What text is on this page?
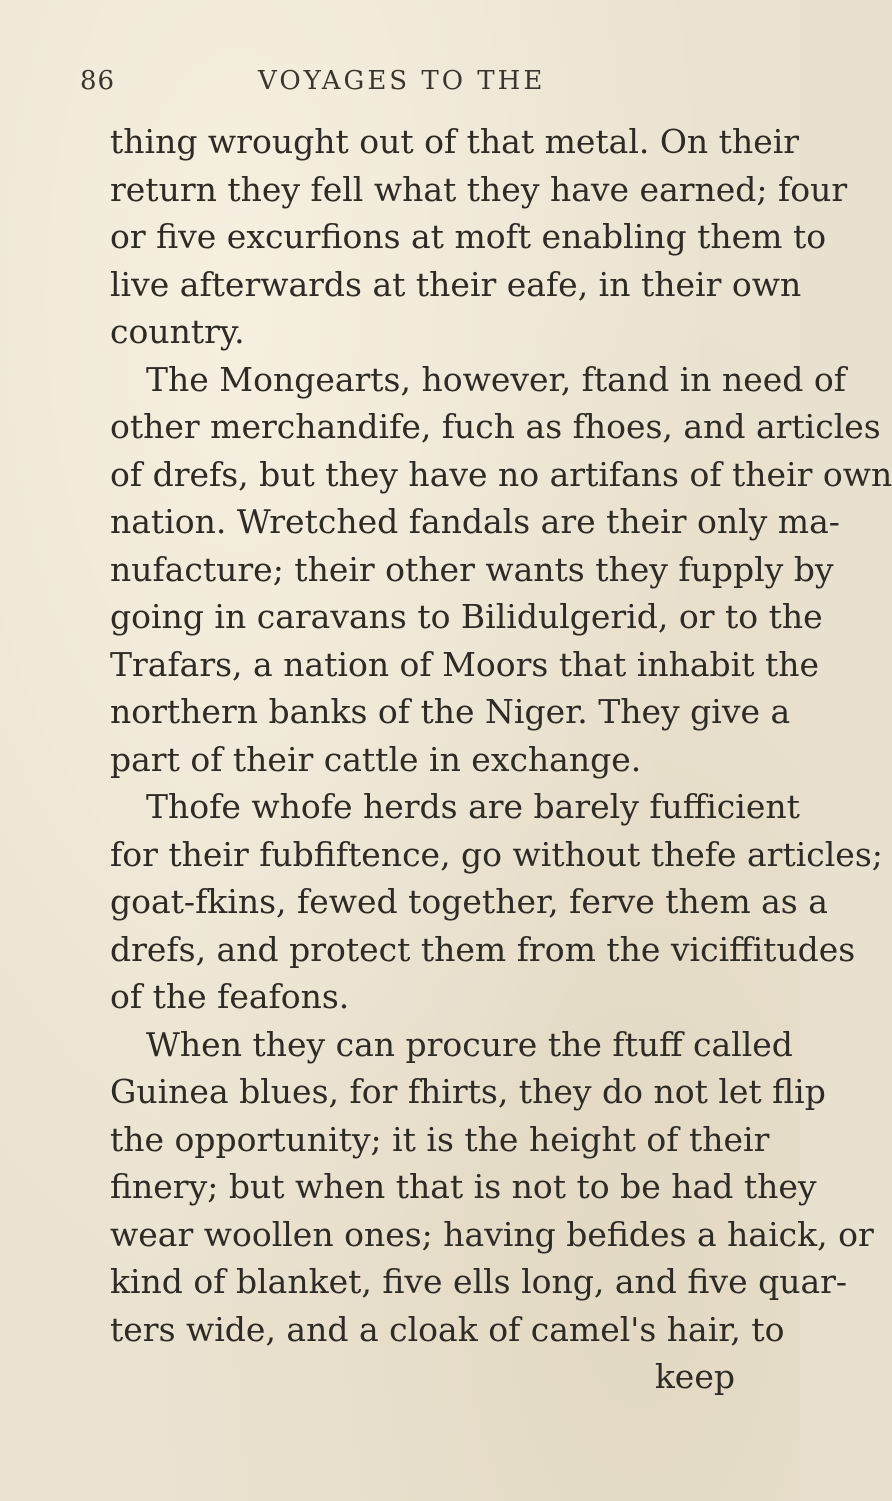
86	VOYAGES TO THE
thing wrought out of that metal. On their
return they fell what they have earned; four
or five excurfions at moft enabling them to
live afterwards at their eafe, in their own
country.
The Mongearts, however, ftand in need of
other merchandife, fuch as fhoes, and articles
of drefs, but they have no artifans of their own
nation. Wretched fandals are their only ma-
nufacture; their other wants they fupply by
going in caravans to Bilidulgerid, or to the
Trafars, a nation of Moors that inhabit the
northern banks of the Niger. They give a
part of their cattle in exchange.
Thofe whofe herds are barely fufficient
for their fubfiftence, go without thefe articles;
goat-fkins, fewed together, ferve them as a
drefs, and protect them from the viciffitudes
of the feafons.
When they can procure the ftuff called
Guinea blues, for fhirts, they do not let flip
the opportunity; it is the height of their
finery; but when that is not to be had they
wear woollen ones; having befides a haick, or
kind of blanket, five ells long, and five quar-
ters wide, and a cloak of camel's hair, to
keep
